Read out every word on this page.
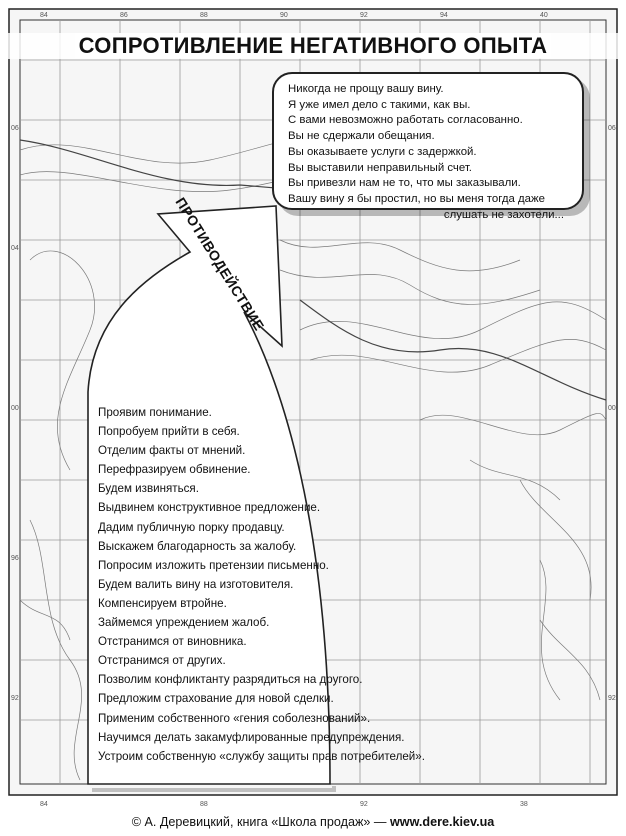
84	86	88	90	92	94	40
84	88	92	38
06
04
00
96
92
06
00
92
СОПРОТИВЛЕНИЕ НЕГАТИВНОГО ОПЫТА
Никогда не прощу вашу вину.
Я уже имел дело с такими, как вы.
С вами невозможно работать согласованно.
Вы не сдержали обещания.
Вы оказываете услуги с задержкой.
Вы выставили неправильный счет.
Вы привезли нам не то, что мы заказывали.
Вашу вину я бы простил, но вы меня тогда даже
слушать не захотели...
ПРОТИВОДЕЙСТВИЕ
Проявим понимание.
Попробуем прийти в себя.
Отделим факты от мнений.
Перефразируем обвинение.
Будем извиняться.
Выдвинем конструктивное предложение.
Дадим публичную порку продавцу.
Выскажем благодарность за жалобу.
Попросим изложить претензии письменно.
Будем валить вину на изготовителя.
Компенсируем втройне.
Займемся упреждением жалоб.
Отстранимся от виновника.
Отстранимся от других.
Позволим конфликтанту разрядиться на другого.
Предложим страхование для новой сделки.
Применим собственного «гения соболезнований».
Научимся делать закамуфлированные предупреждения.
Устроим собственную «службу защиты прав потребителей».
© А. Деревицкий, книга «Школа продаж» — www.dere.kiev.ua
